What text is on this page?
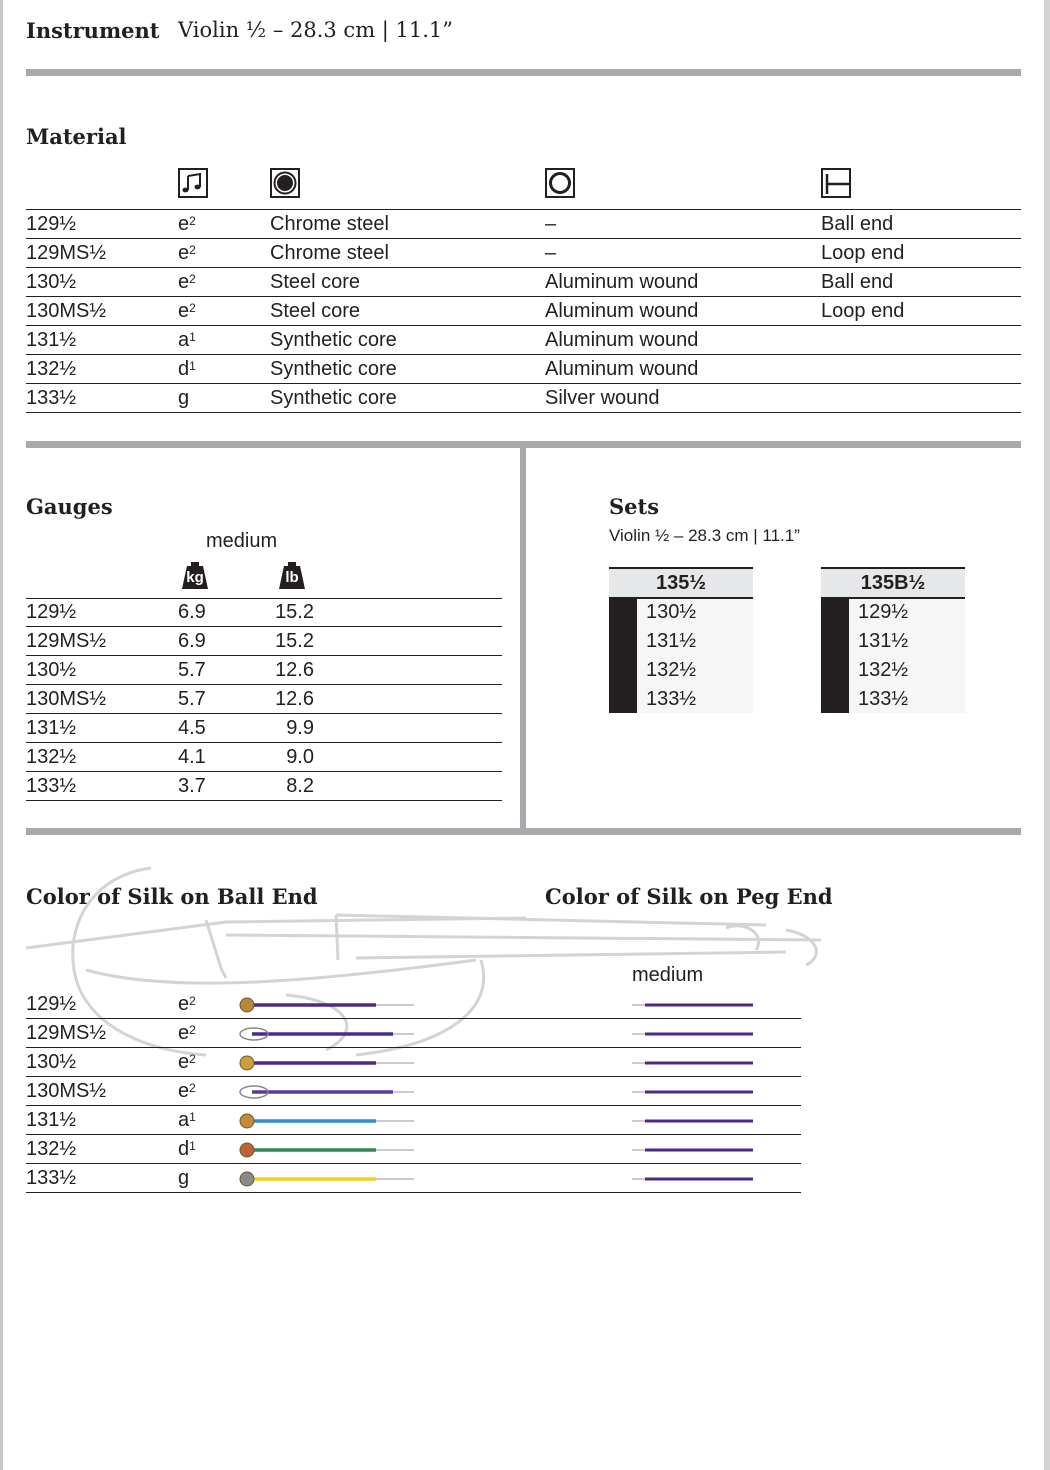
Instrument Violin ½ – 28.3 cm | 11.1”
Material
129½	$e^2$	Chrome steel	–	Ball end
129MS½	$e^2$	Chrome steel	–	Loop end
130½	$e^2$	Steel core	Aluminum wound	Ball end
130MS½	$e^2$	Steel core	Aluminum wound	Loop end
131½	$a^1$	Synthetic core	Aluminum wound
132½	$d^1$	Synthetic core	Aluminum wound
133½	g	Synthetic core	Silver wound
Gauges
medium
kg	lb
129½	6.9	15.2
129MS½	6.9	15.2
130½	5.7	12.6
130MS½	5.7	12.6
131½	4.5	9.9
132½	4.1	9.0
133½	3.7	8.2
Sets
Violin ½ – 28.3 cm | 11.1”
135½
130½
131½
132½
133½
135B½
129½
131½
132½
133½
Color of Silk on Ball End	Color of Silk on Peg End
medium
129½	$e^2$
129MS½	$e^2$
130½	$e^2$
130MS½	$e^2$
131½	$a^1$
132½	$d^1$
133½	g
